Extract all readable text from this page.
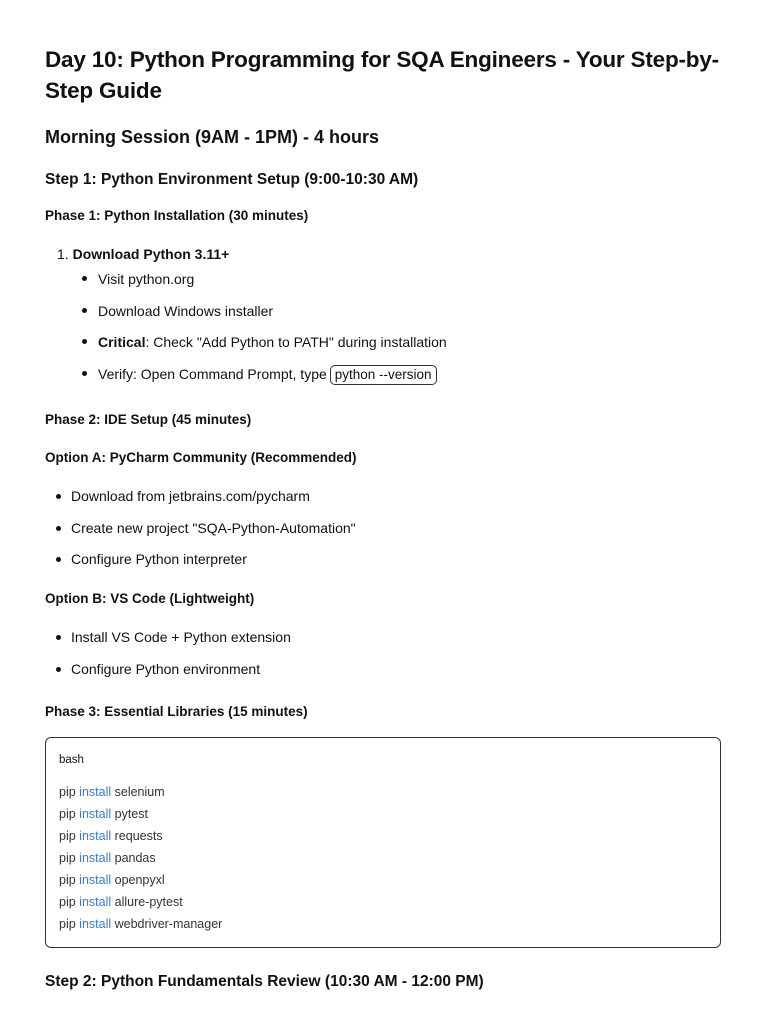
Day 10: Python Programming for SQA Engineers - Your Step-by-Step Guide
Morning Session (9AM - 1PM) - 4 hours
Step 1: Python Environment Setup (9:00-10:30 AM)
Phase 1: Python Installation (30 minutes)
1. Download Python 3.11+
Visit python.org
Download Windows installer
Critical: Check "Add Python to PATH" during installation
Verify: Open Command Prompt, type python --version
Phase 2: IDE Setup (45 minutes)
Option A: PyCharm Community (Recommended)
Download from jetbrains.com/pycharm
Create new project "SQA-Python-Automation"
Configure Python interpreter
Option B: VS Code (Lightweight)
Install VS Code + Python extension
Configure Python environment
Phase 3: Essential Libraries (15 minutes)
bash
pip install selenium
pip install pytest
pip install requests
pip install pandas
pip install openpyxl
pip install allure-pytest
pip install webdriver-manager
Step 2: Python Fundamentals Review (10:30 AM - 12:00 PM)
